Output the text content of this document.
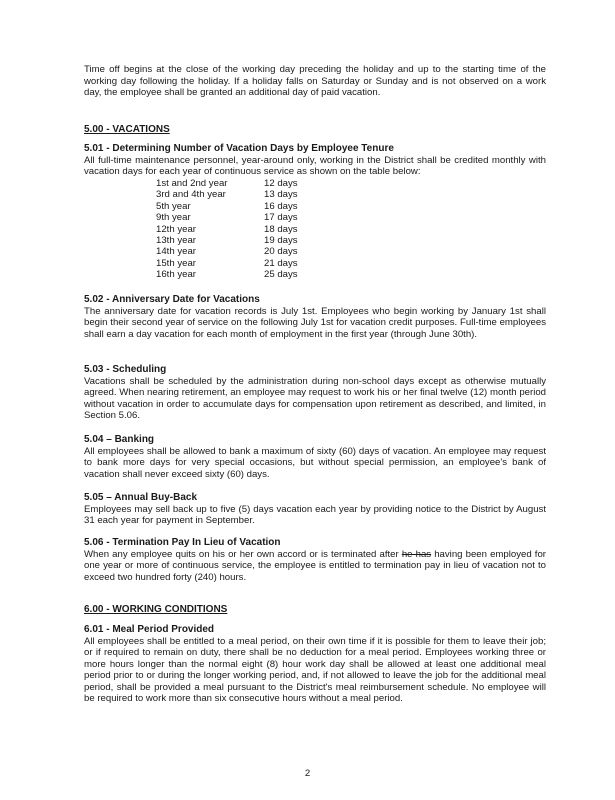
Time off begins at the close of the working day preceding the holiday and up to the starting time of the working day following the holiday. If a holiday falls on Saturday or Sunday and is not observed on a work day, the employee shall be granted an additional day of paid vacation.

5.00 - VACATIONS
5.01 - Determining Number of Vacation Days by Employee Tenure

All full-time maintenance personnel, year-around only, working in the District shall be credited monthly with vacation days for each year of continuous service as shown on the table below:

1st and 2nd year	12 days
3rd and 4th year	13 days
5th year	16 days
9th year	17 days
12th year	18 days
13th year	19 days
14th year	20 days
15th year	21 days
16th year	25 days
5.02 - Anniversary Date for Vacations

The anniversary date for vacation records is July 1st. Employees who begin working by January 1st shall begin their second year of service on the following July 1st for vacation credit purposes. Full-time employees shall earn a day vacation for each month of employment in the first year (through June 30th).

5.03 - Scheduling

Vacations shall be scheduled by the administration during non-school days except as otherwise mutually agreed. When nearing retirement, an employee may request to work his or her final twelve (12) month period without vacation in order to accumulate days for compensation upon retirement as described, and limited, in Section 5.06.

5.04 – Banking

All employees shall be allowed to bank a maximum of sixty (60) days of vacation. An employee may request to bank more days for very special occasions, but without special permission, an employee's bank of vacation shall never exceed sixty (60) days.

5.05 – Annual Buy-Back

Employees may sell back up to five (5) days vacation each year by providing notice to the District by August 31 each year for payment in September.

5.06 - Termination Pay In Lieu of Vacation

When any employee quits on his or her own accord or is terminated after he has having been employed for one year or more of continuous service, the employee is entitled to termination pay in lieu of vacation not to exceed two hundred forty (240) hours.

6.00 - WORKING CONDITIONS
6.01 - Meal Period Provided

All employees shall be entitled to a meal period, on their own time if it is possible for them to leave their job; or if required to remain on duty, there shall be no deduction for a meal period. Employees working three or more hours longer than the normal eight (8) hour work day shall be allowed at least one additional meal period prior to or during the longer working period, and, if not allowed to leave the job for the additional meal period, shall be provided a meal pursuant to the District's meal reimbursement schedule. No employee will be required to work more than six consecutive hours without a meal period.

2
